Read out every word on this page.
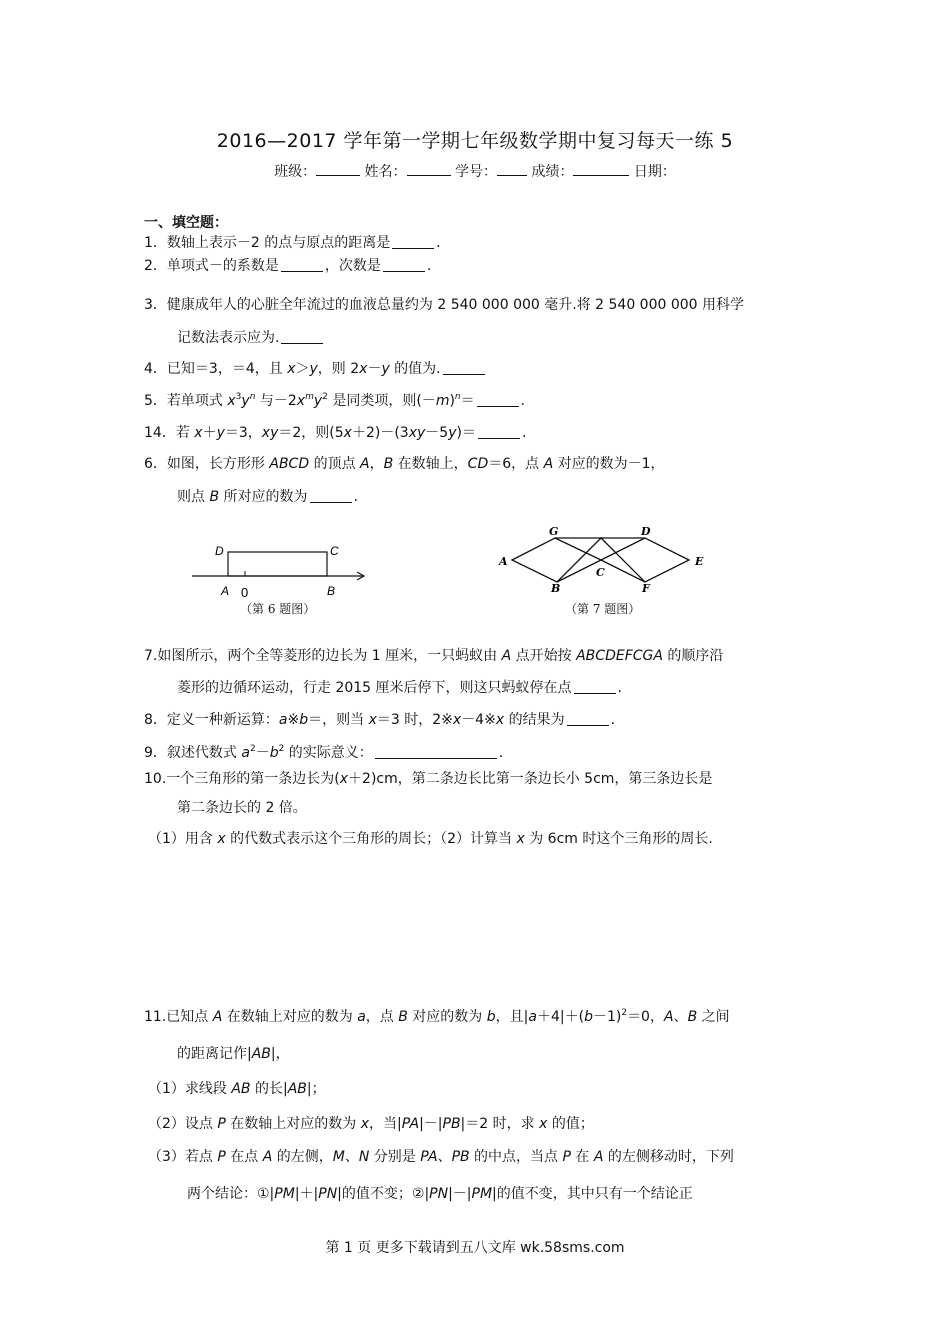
2016—2017 学年第一学期七年级数学期中复习每天一练 5
班级：	姓名：	学号： 成绩：	日期：
一、填空题：
1．数轴上表示－2 的点与原点的距离是	．
2．单项式－的系数是	，次数是	.
3．健康成年人的心脏全年流过的血液总量约为 2 540 000 000 毫升.将 2 540 000 000 用科学
记数法表示应为.
4．已知＝3，＝4，且 x＞y，则 2x－y 的值为.
5．若单项式 $x^3y^n$ 与$-2x^my^2$ 是同类项，则$(-m)^n=$	.
14．若 x＋y＝3，xy＝2，则(5x＋2)－(3xy－5y)＝	.
6．如图，长方形形 ABCD 的顶点 A，B 在数轴上，CD＝6，点 A 对应的数为－1，
则点 B 所对应的数为	.
D	C
A 0	B
（第 6 题图）
A
G
B
C
D
F
E
（第 7 题图）
7.如图所示，两个全等菱形的边长为 1 厘米，一只蚂蚁由 A 点开始按 ABCDEFCGA 的顺序沿
菱形的边循环运动，行走 2015 厘米后停下，则这只蚂蚁停在点	.
8．定义一种新运算：a※b＝，则当 x＝3 时，2※x－4※x 的结果为	.
9．叙述代数式 $a^2-b^2$ 的实际意义：	.
10.一个三角形的第一条边长为(x＋2)cm，第二条边长比第一条边长小 5cm，第三条边长是
第二条边长的 2 倍。
（1）用含 x 的代数式表示这个三角形的周长；（2）计算当 x 为 6cm 时这个三角形的周长.
11.已知点 A 在数轴上对应的数为 a，点 B 对应的数为 b，且$|a+4|+(b-1)^2=0$，A、B 之间
的距离记作|AB|，
（1）求线段 AB 的长|AB|；
（2）设点 P 在数轴上对应的数为 x，当|PA|－|PB|＝2 时，求 x 的值；
（3）若点 P 在点 A 的左侧，M、N 分别是 PA、PB 的中点，当点 P 在 A 的左侧移动时，下列
两个结论：①|PM|＋|PN|的值不变；②|PN|－|PM|的值不变，其中只有一个结论正
第 1 页 更多下载请到五八文库 wk.58sms.com
